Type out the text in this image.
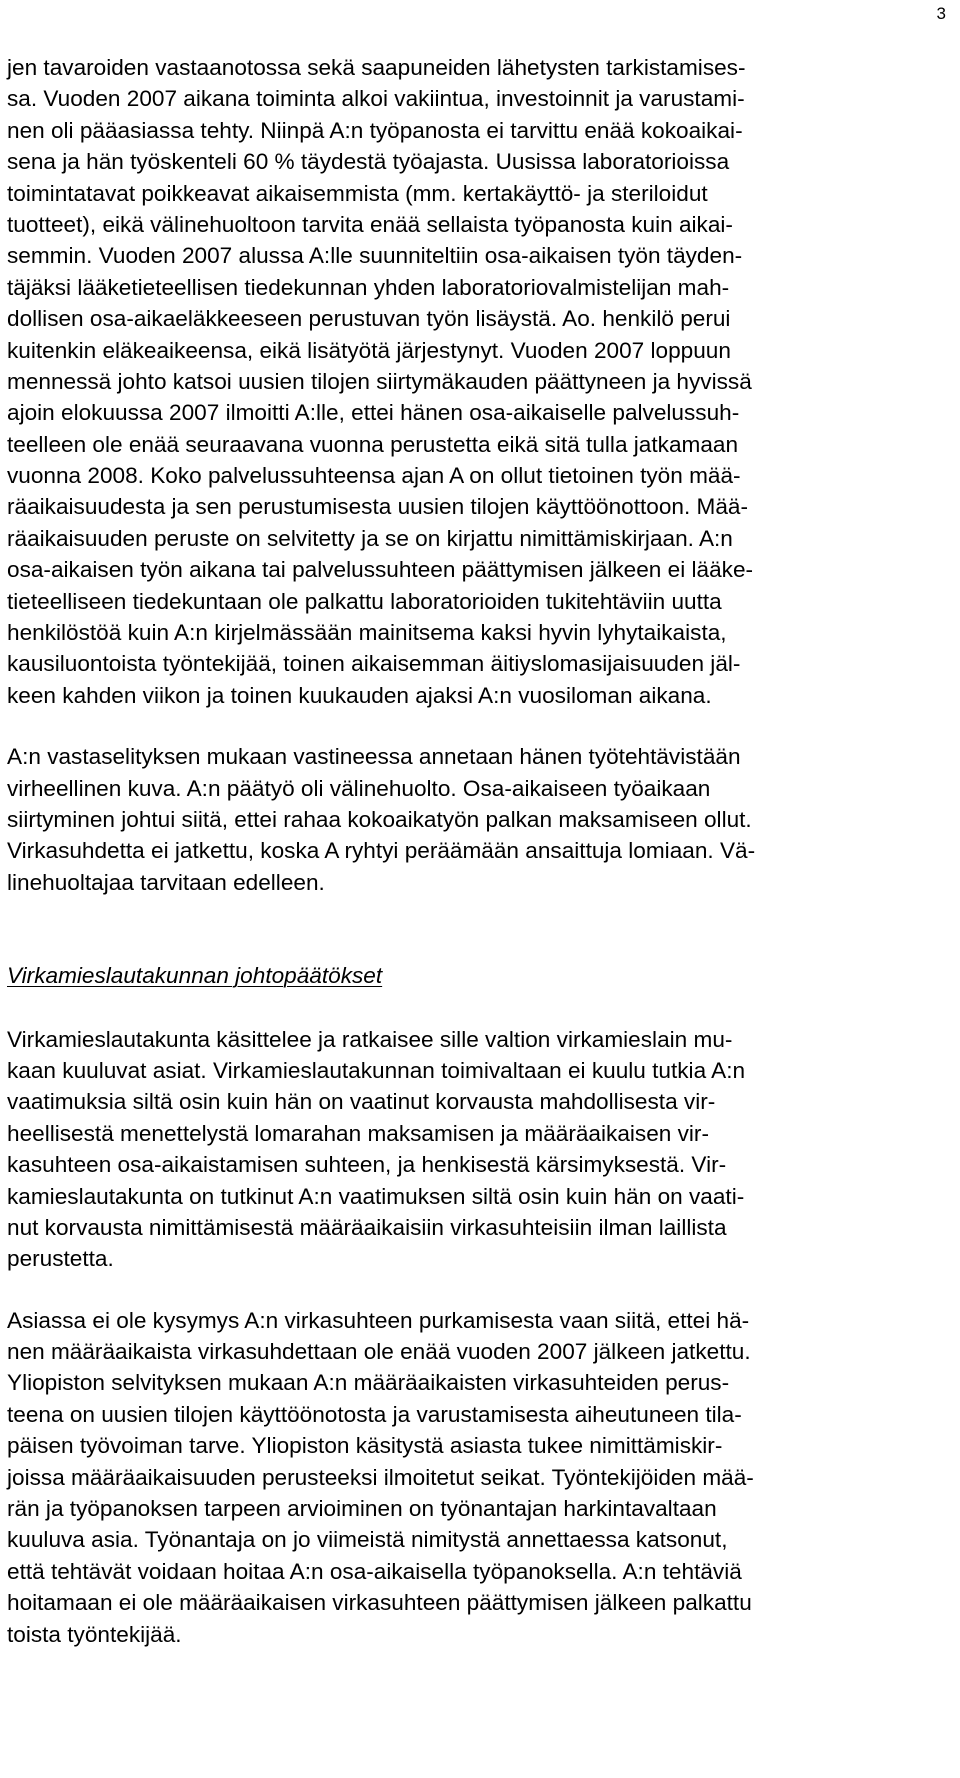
3
jen tavaroiden vastaanotossa sekä saapuneiden lähetysten tarkistamises-
sa. Vuoden 2007 aikana toiminta alkoi vakiintua, investoinnit ja varustami-
nen oli pääasiassa tehty. Niinpä A:n työpanosta ei tarvittu enää kokoaikai-
sena ja hän työskenteli 60 % täydestä työajasta. Uusissa laboratorioissa
toimintatavat poikkeavat aikaisemmista (mm. kertakäyttö- ja steriloidut
tuotteet), eikä välinehuoltoon tarvita enää sellaista työpanosta kuin aikai-
semmin. Vuoden 2007 alussa A:lle suunniteltiin osa-aikaisen työn täyden-
täjäksi lääketieteellisen tiedekunnan yhden laboratoriovalmistelijan mah-
dollisen osa-aikaeläkkeeseen perustuvan työn lisäystä. Ao. henkilö perui
kuitenkin eläkeaikeensa, eikä lisätyötä järjestynyt. Vuoden 2007 loppuun
mennessä johto katsoi uusien tilojen siirtymäkauden päättyneen ja hyvissä
ajoin elokuussa 2007 ilmoitti A:lle, ettei hänen osa-aikaiselle palvelussuh-
teelleen ole enää seuraavana vuonna perustetta eikä sitä tulla jatkamaan
vuonna 2008. Koko palvelussuhteensa ajan A on ollut tietoinen työn mää-
räaikaisuudesta ja sen perustumisesta uusien tilojen käyttöönottoon. Mää-
räaikaisuuden peruste on selvitetty ja se on kirjattu nimittämiskirjaan. A:n
osa-aikaisen työn aikana tai palvelussuhteen päättymisen jälkeen ei lääke-
tieteelliseen tiedekuntaan ole palkattu laboratorioiden tukitehtäviin uutta
henkilöstöä kuin A:n kirjelmässään mainitsema kaksi hyvin lyhytaikaista,
kausiluontoista työntekijää, toinen aikaisemman äitiyslomasijaisuuden jäl-
keen kahden viikon ja toinen kuukauden ajaksi A:n vuosiloman aikana.
A:n vastaselityksen mukaan vastineessa annetaan hänen työtehtävistään
virheellinen kuva. A:n päätyö oli välinehuolto. Osa-aikaiseen työaikaan
siirtyminen johtui siitä, ettei rahaa kokoaikatyön palkan maksamiseen ollut.
Virkasuhdetta ei jatkettu, koska A ryhtyi peräämään ansaittuja lomiaan. Vä-
linehuoltajaa tarvitaan edelleen.
Virkamieslautakunnan johtopäätökset
Virkamieslautakunta käsittelee ja ratkaisee sille valtion virkamieslain mu-
kaan kuuluvat asiat. Virkamieslautakunnan toimivaltaan ei kuulu tutkia A:n
vaatimuksia siltä osin kuin hän on vaatinut korvausta mahdollisesta vir-
heellisestä menettelystä lomarahan maksamisen ja määräaikaisen vir-
kasuhteen osa-aikaistamisen suhteen, ja henkisestä kärsimyksestä. Vir-
kamieslautakunta on tutkinut A:n vaatimuksen siltä osin kuin hän on vaati-
nut korvausta nimittämisestä määräaikaisiin virkasuhteisiin ilman laillista
perustetta.
Asiassa ei ole kysymys A:n virkasuhteen purkamisesta vaan siitä, ettei hä-
nen määräaikaista virkasuhdettaan ole enää vuoden 2007 jälkeen jatkettu.
Yliopiston selvityksen mukaan A:n määräaikaisten virkasuhteiden perus-
teena on uusien tilojen käyttöönotosta ja varustamisesta aiheutuneen tila-
päisen työvoiman tarve. Yliopiston käsitystä asiasta tukee nimittämiskir-
joissa määräaikaisuuden perusteeksi ilmoitetut seikat. Työntekijöiden mää-
rän ja työpanoksen tarpeen arvioiminen on työnantajan harkintavaltaan
kuuluva asia. Työnantaja on jo viimeistä nimitystä annettaessa katsonut,
että tehtävät voidaan hoitaa A:n osa-aikaisella työpanoksella. A:n tehtäviä
hoitamaan ei ole määräaikaisen virkasuhteen päättymisen jälkeen palkattu
toista työntekijää.
